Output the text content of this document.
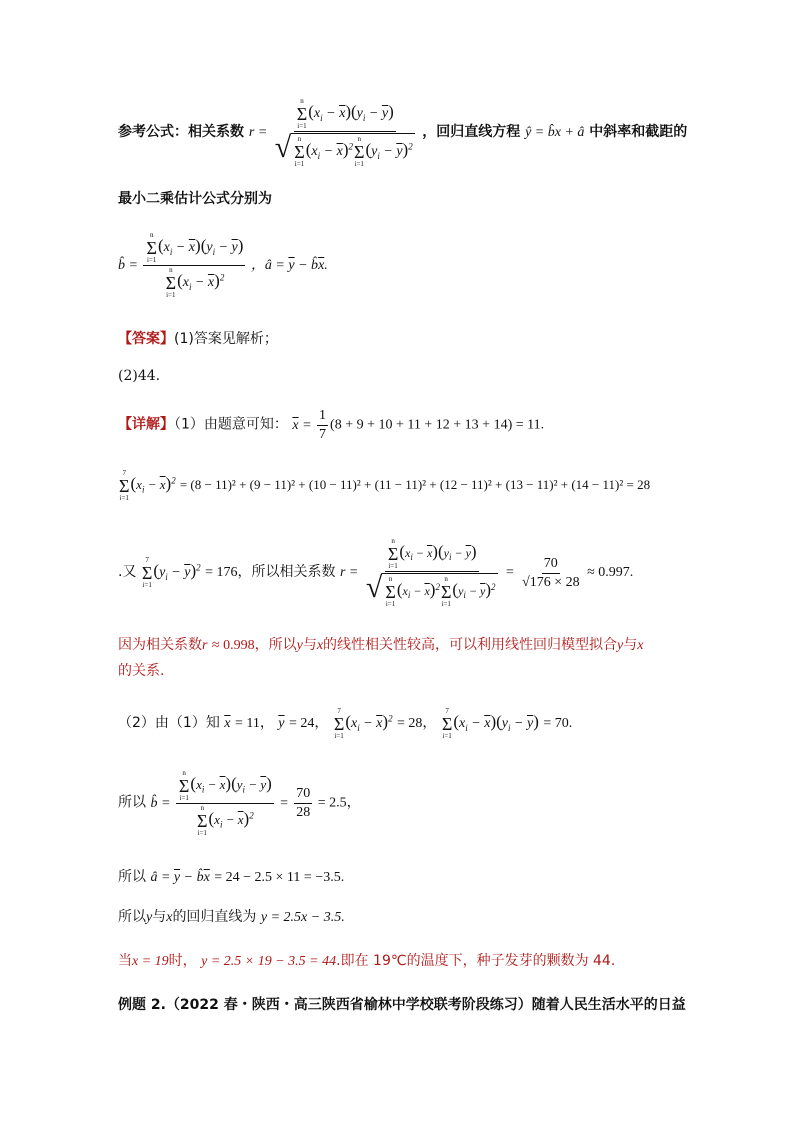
参考公式：相关系数 r = n
Σ
i=1
$(x_i - \overline{x})(y_i - \overline{y})$
√ n
Σ
i=1
$(x_i - \overline{x})^2$
n
Σ
i=1
$(y_i - \overline{y})^2$ ，回归直线方程 ŷ = b̂x + â 中斜率和截距的
最小二乘估计公式分别为
b̂ = n
Σ
i=1
$(x_i - \overline{x})(y_i - \overline{y})$
n
Σ
i=1
$(x_i - \overline{x})^2$ ，â = $\overline{y}$ − $b̂\overline{x}$.
【答案】(1)答案见解析；
(2)44.
【详解】（1）由题意可知： $\overline{x} = \frac{1}{7} (8 + 9 + 10 + 11 + 12 + 13 + 14) = 11$.
7
Σ
i=1
$(x_i - \overline{x})^2 = (8 - 11)^2 + (9 - 11)^2 + (10 - 11)^2 + (11 - 11)^2 + (12 - 11)^2 + (13 - 11)^2 + (14 - 11)^2 = 28$
.又
7
Σ
i=1
$(y_i - \overline{y})^2 = 176$，所以相关系数 r = n
Σ
i=1
$(x_i - \overline{x})(y_i - \overline{y})$
√ n
Σ
i=1
$(x_i - \overline{x})^2$
n
Σ
i=1
$(y_i - \overline{y})^2 = \frac{70}{√176 \times 28} \approx 0.997$.
因为相关系数r ≈ 0.998，所以y与x的线性相关性较高，可以利用线性回归模型拟合y与x
的关系.
（2）由（1）知 $\overline{x} = 11$， $\overline{y} = 24$，
7
Σ
i=1
$(x_i - \overline{x})^2 = 28$，
7
Σ
i=1
$(x_i - \overline{x})(y_i - \overline{y}) = 70$.
所以 b̂ = n
Σ
i=1
$(x_i - \overline{x})(y_i - \overline{y})$
n
Σ
i=1
$(x_i - \overline{x})^2 = \frac{70}{28} = 2.5$，
所以 â = $\overline{y}$ − $b̂\overline{x} = 24 - 2.5 \times 11 = -3.5$.
所以y与x的回归直线为 y = 2.5x − 3.5.
当x = 19时， y = 2.5 × 19 − 3.5 = 44.即在 19℃的温度下，种子发芽的颗数为 44.
例题 2.（2022 春・陕西・高三陕西省榆林中学校联考阶段练习）随着人民生活水平的日益
